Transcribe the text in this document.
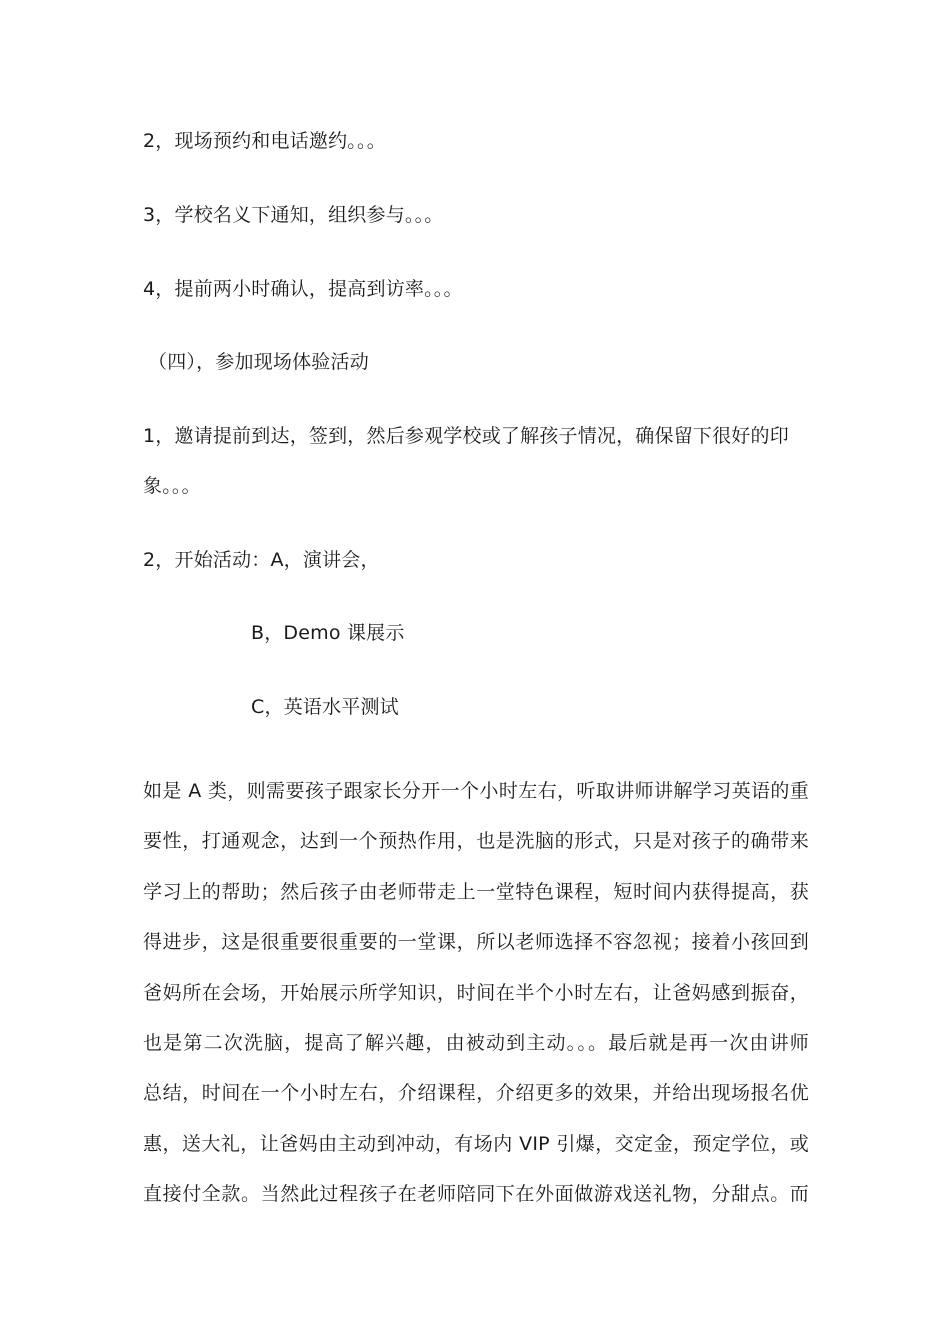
2，现场预约和电话邀约。。。
3，学校名义下通知，组织参与。。。
4，提前两小时确认，提高到访率。。。
（四），参加现场体验活动
1，邀请提前到达，签到，然后参观学校或了解孩子情况，确保留下很好的印
象。。。
2，开始活动：A，演讲会，
B，Demo 课展示
C，英语水平测试
如是 A 类，则需要孩子跟家长分开一个小时左右，听取讲师讲解学习英语的重
要性，打通观念，达到一个预热作用，也是洗脑的形式，只是对孩子的确带来
学习上的帮助；然后孩子由老师带走上一堂特色课程，短时间内获得提高，获
得进步，这是很重要很重要的一堂课，所以老师选择不容忽视；接着小孩回到
爸妈所在会场，开始展示所学知识，时间在半个小时左右，让爸妈感到振奋，
也是第二次洗脑，提高了解兴趣，由被动到主动。。。最后就是再一次由讲师
总结，时间在一个小时左右，介绍课程，介绍更多的效果，并给出现场报名优
惠，送大礼，让爸妈由主动到冲动，有场内 VIP 引爆，交定金，预定学位，或
直接付全款。当然此过程孩子在老师陪同下在外面做游戏送礼物，分甜点。而
